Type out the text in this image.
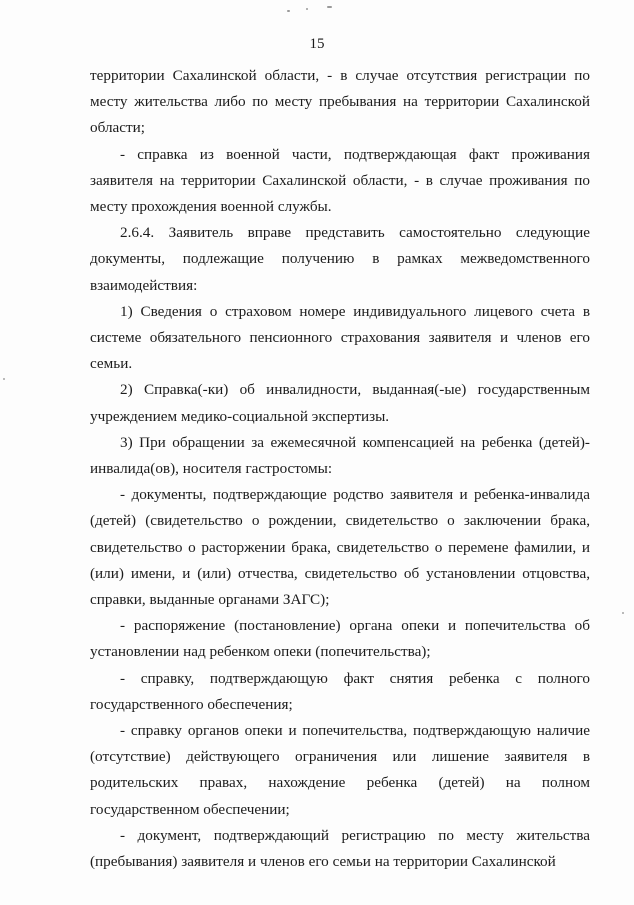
15

территории Сахалинской области, - в случае отсутствия регистрации по месту жительства либо по месту пребывания на территории Сахалинской области;

- справка из военной части, подтверждающая факт проживания заявителя на территории Сахалинской области, - в случае проживания по месту прохождения военной службы.

2.6.4. Заявитель вправе представить самостоятельно следующие документы, подлежащие получению в рамках межведомственного взаимодействия:

1) Сведения о страховом номере индивидуального лицевого счета в системе обязательного пенсионного страхования заявителя и членов его семьи.

2) Справка(-ки) об инвалидности, выданная(-ые) государственным учреждением медико-социальной экспертизы.

3) При обращении за ежемесячной компенсацией на ребенка (детей)-инвалида(ов), носителя гастростомы:

- документы, подтверждающие родство заявителя и ребенка-инвалида (детей) (свидетельство о рождении, свидетельство о заключении брака, свидетельство о расторжении брака, свидетельство о перемене фамилии, и (или) имени, и (или) отчества, свидетельство об установлении отцовства, справки, выданные органами ЗАГС);

- распоряжение (постановление) органа опеки и попечительства об установлении над ребенком опеки (попечительства);

- справку, подтверждающую факт снятия ребенка с полного государственного обеспечения;

- справку органов опеки и попечительства, подтверждающую наличие (отсутствие) действующего ограничения или лишение заявителя в родительских правах, нахождение ребенка (детей) на полном государственном обеспечении;

- документ, подтверждающий регистрацию по месту жительства (пребывания) заявителя и членов его семьи на территории Сахалинской
